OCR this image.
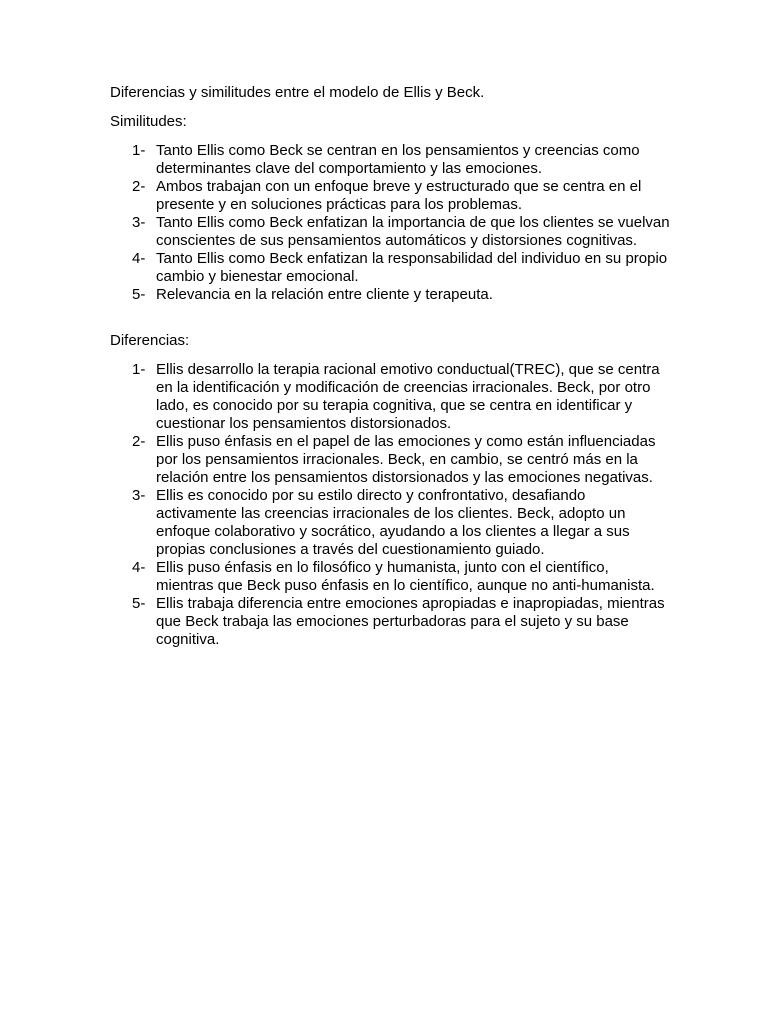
Diferencias y similitudes entre el modelo de Ellis y Beck.

Similitudes:

1- Tanto Ellis como Beck se centran en los pensamientos y creencias como determinantes clave del comportamiento y las emociones.
2- Ambos trabajan con un enfoque breve y estructurado que se centra en el presente y en soluciones prácticas para los problemas.
3- Tanto Ellis como Beck enfatizan la importancia de que los clientes se vuelvan conscientes de sus pensamientos automáticos y distorsiones cognitivas.
4- Tanto Ellis como Beck enfatizan la responsabilidad del individuo en su propio cambio y bienestar emocional.
5- Relevancia en la relación entre cliente y terapeuta.

Diferencias:

1- Ellis desarrollo la terapia racional emotivo conductual(TREC), que se centra en la identificación y modificación de creencias irracionales. Beck, por otro lado, es conocido por su terapia cognitiva, que se centra en identificar y cuestionar los pensamientos distorsionados.
2- Ellis puso énfasis en el papel de las emociones y como están influenciadas por los pensamientos irracionales. Beck, en cambio, se centró más en la relación entre los pensamientos distorsionados y las emociones negativas.
3- Ellis es conocido por su estilo directo y confrontativo, desafiando activamente las creencias irracionales de los clientes. Beck, adopto un enfoque colaborativo y socrático, ayudando a los clientes a llegar a sus propias conclusiones a través del cuestionamiento guiado.
4- Ellis puso énfasis en lo filosófico y humanista, junto con el científico, mientras que Beck puso énfasis en lo científico, aunque no anti-humanista.
5- Ellis trabaja diferencia entre emociones apropiadas e inapropiadas, mientras que Beck trabaja las emociones perturbadoras para el sujeto y su base cognitiva.
